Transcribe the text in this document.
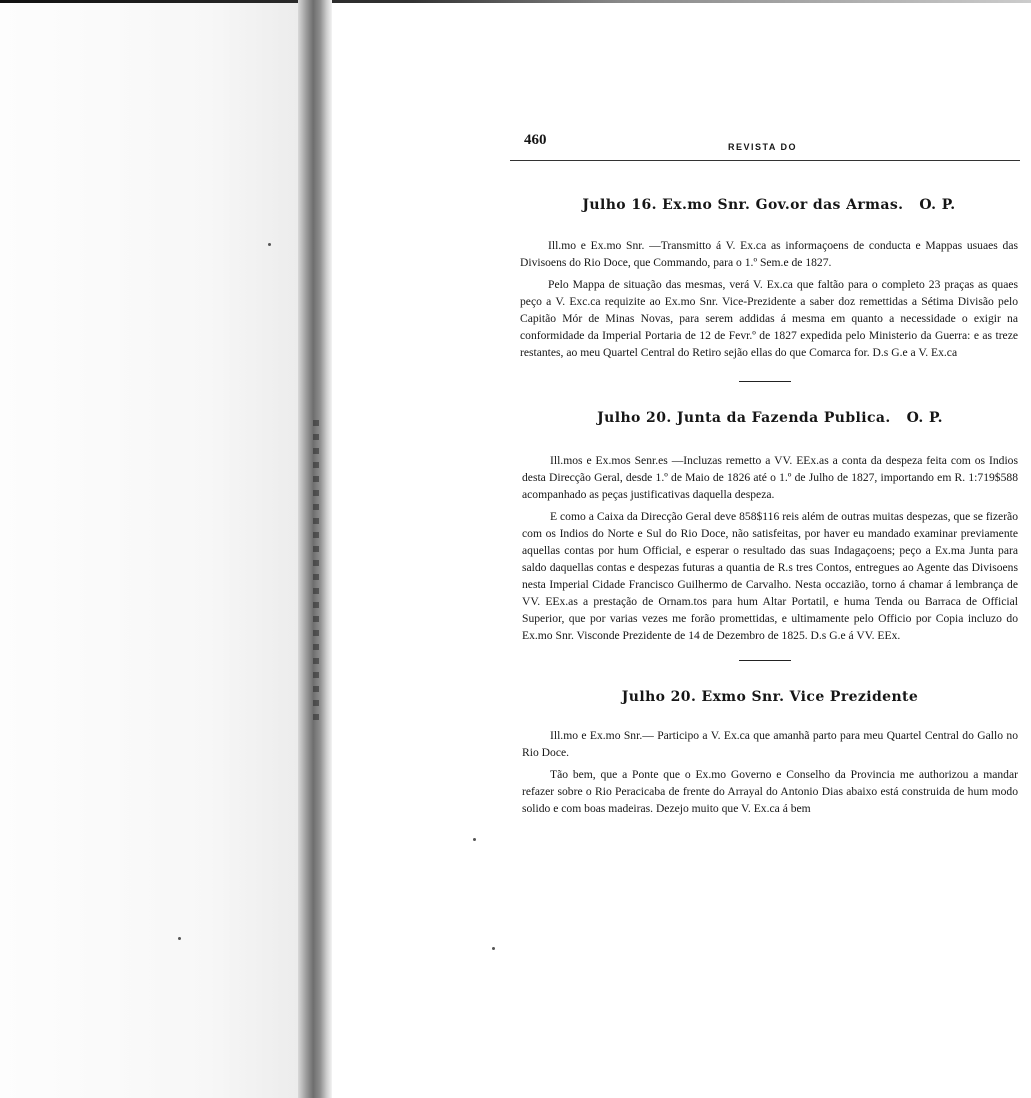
460	REVISTA DO
Julho 16. Ex.mo Snr. Gov.or das Armas. O. P.

Ill.mo e Ex.mo Snr. —Transmitto á V. Ex.ca as informaçoens de conducta e Mappas usuaes das Divisoens do Rio Doce, que Commando, para o 1.º Sem.e de 1827.

Pelo Mappa de situação das mesmas, verá V. Ex.ca que faltão para o completo 23 praças as quaes peço a V. Exc.ca requizite ao Ex.mo Snr. Vice-Prezidente a saber doz remettidas a Sétima Divisão pelo Capitão Mór de Minas Novas, para serem addidas á mesma em quanto a necessidade o exigir na conformidade da Imperial Portaria de 12 de Fevr.º de 1827 expedida pelo Ministerio da Guerra: e as treze restantes, ao meu Quartel Central do Retiro sejão ellas do que Comarca for. D.s G.e a V. Ex.ca

Julho 20. Junta da Fazenda Publica. O. P.

Ill.mos e Ex.mos Senr.es —Incluzas remetto a VV. EEx.as a conta da despeza feita com os Indios desta Direcção Geral, desde 1.º de Maio de 1826 até o 1.º de Julho de 1827, importando em R. 1:719$588 acompanhado as peças justificativas daquella despeza.

E como a Caixa da Direcção Geral deve 858$116 reis além de outras muitas despezas, que se fizerão com os Indios do Norte e Sul do Rio Doce, não satisfeitas, por haver eu mandado examinar previamente aquellas contas por hum Official, e esperar o resultado das suas Indagaçoens; peço a Ex.ma Junta para saldo daquellas contas e despezas futuras a quantia de R.s tres Contos, entregues ao Agente das Divisoens nesta Imperial Cidade Francisco Guilhermo de Carvalho. Nesta occazião, torno á chamar á lembrança de VV. EEx.as a prestação de Ornam.tos para hum Altar Portatil, e huma Tenda ou Barraca de Official Superior, que por varias vezes me forão promettidas, e ultimamente pelo Officio por Copia incluzo do Ex.mo Snr. Visconde Prezidente de 14 de Dezembro de 1825. D.s G.e á VV. EEx.

Julho 20. Exmo Snr. Vice Prezidente

Ill.mo e Ex.mo Snr.— Participo a V. Ex.ca que amanhã parto para meu Quartel Central do Gallo no Rio Doce.

Tão bem, que a Ponte que o Ex.mo Governo e Conselho da Provincia me authorizou a mandar refazer sobre o Rio Peracicaba de frente do Arrayal do Antonio Dias abaixo está construida de hum modo solido e com boas madeiras. Dezejo muito que V. Ex.ca á bem
